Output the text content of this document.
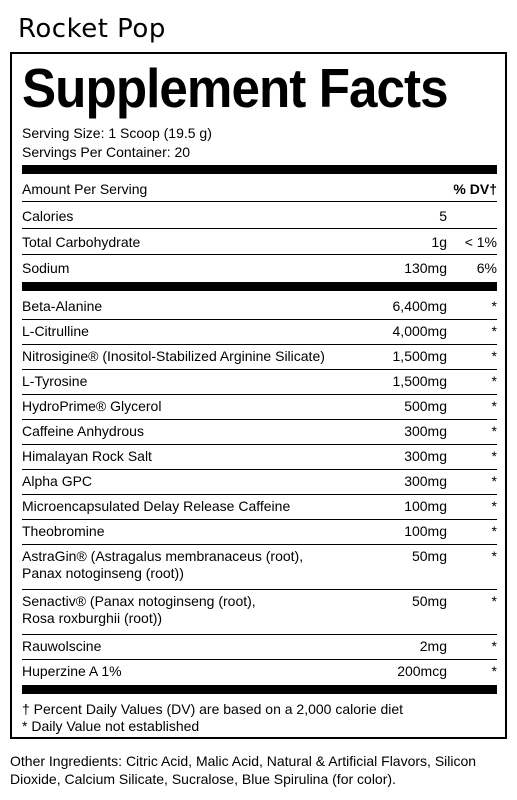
Rocket Pop
Supplement Facts
Serving Size: 1 Scoop (19.5 g)
Servings Per Container: 20
Amount Per Serving	% DV†
Calories	5
Total Carbohydrate	1g < 1%
Sodium	130mg 6%
Beta-Alanine	6,400mg	*
L-Citrulline	4,000mg	*
Nitrosigine® (Inositol-Stabilized Arginine Silicate)	1,500mg	*
L-Tyrosine	1,500mg	*
HydroPrime® Glycerol	500mg	*
Caffeine Anhydrous	300mg	*
Himalayan Rock Salt	300mg	*
Alpha GPC	300mg	*
Microencapsulated Delay Release Caffeine	100mg	*
Theobromine	100mg	*
AstraGin® (Astragalus membranaceus (root),
Panax notoginseng (root))
50mg	*
Senactiv® (Panax notoginseng (root),
Rosa roxburghii (root))
50mg	*
Rauwolscine	2mg	*
Huperzine A 1%	200mcg	*
† Percent Daily Values (DV) are based on a 2,000 calorie diet
* Daily Value not established
Other Ingredients: Citric Acid, Malic Acid, Natural & Artificial Flavors, Silicon Dioxide, Calcium Silicate, Sucralose, Blue Spirulina (for color).
